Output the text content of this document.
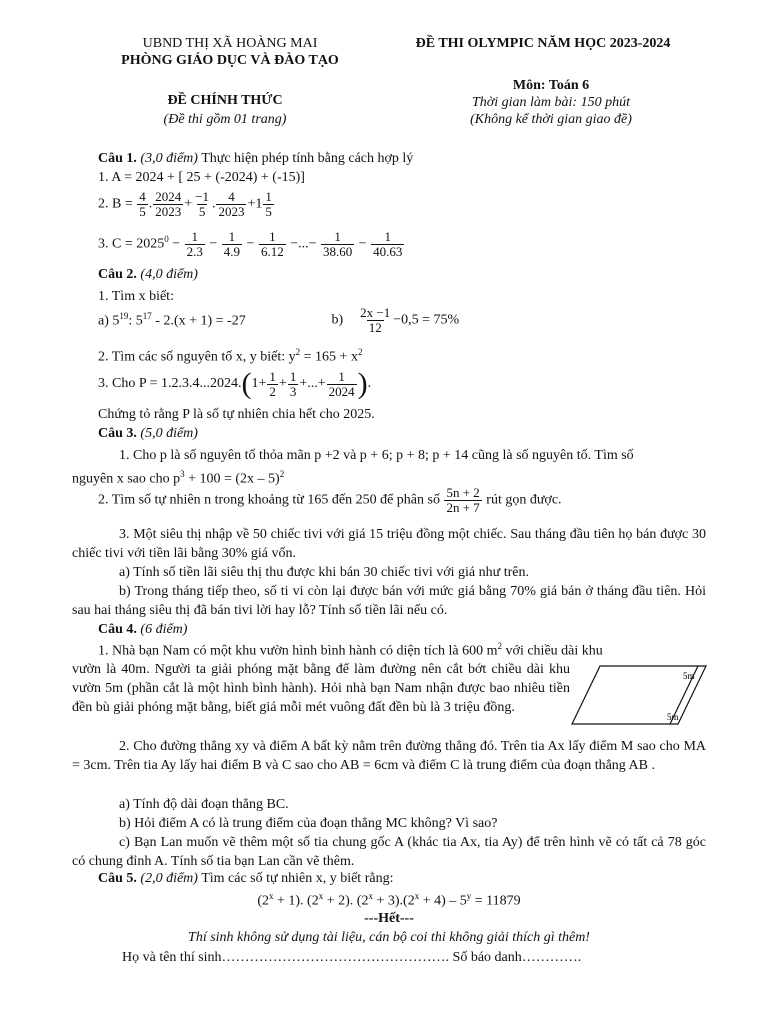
UBND THỊ XÃ HOÀNG MAI
PHÒNG GIÁO DỤC VÀ ĐÀO TẠO
ĐỀ CHÍNH THỨC
(Đề thi gồm 01 trang)
ĐỀ THI OLYMPIC NĂM HỌC 2023-2024
Môn: Toán 6
Thời gian làm bài: 150 phút
(Không kể thời gian giao đề)
Câu 1. (3,0 điểm) Thực hiện phép tính bằng cách hợp lý
1. A = 2024 + [ 25 + (-2024) + (-15)]
2. $B = \frac{4}{5}$ . $\frac{2024}{2023} + \frac{-1}{5}$ . $\frac{4}{2023} +1 \frac{1}{5}$
3. $C = 2025^0 - \frac{1}{2.3} - \frac{1}{4.9} - \frac{1}{6.12}$ −...− $\frac{1}{38.60} - \frac{1}{40.63}$
Câu 2. (4,0 điểm)
1. Tìm x biết:
a) $5^{19}$: $5^{17} - 2.(x + 1) = -27$	$b) \frac{2x -1}{12} -0,5 = 75\%$
2. Tìm các số nguyên tố x, y biết: $y^2 = 165 + x^2$
3. Cho $P = 1.2.3.4...2024.(1+ \frac{1}{2} + \frac{1}{3}$ +...+ $\frac{1}{2024}$ ).
Chứng tỏ rằng P là số tự nhiên chia hết cho 2025.
Câu 3. (5,0 điểm)
1. Cho p là số nguyên tố thỏa mãn p +2 và p + 6; p + 8; p + 14 cũng là số nguyên tố. Tìm số
nguyên x sao cho $p^3 + 100 = (2x - 5)^2$
2. Tìm số tự nhiên n trong khoảng từ 165 đến 250 để phân số $\frac{5n + 2}{2n + 7}$ rút gọn được.
3. Một siêu thị nhập về 50 chiếc tivi với giá 15 triệu đồng một chiếc. Sau tháng đầu tiên họ bán được 30 chiếc tivi với tiền lãi bằng 30% giá vốn.
a) Tính số tiền lãi siêu thị thu được khi bán 30 chiếc tivi với giá như trên.
b) Trong tháng tiếp theo, số ti vi còn lại được bán với mức giá bằng 70% giá bán ở tháng đầu tiên. Hỏi sau hai tháng siêu thị đã bán tivi lời hay lỗ? Tính số tiền lãi nếu có.
Câu 4. (6 điểm)
1. Nhà bạn Nam có một khu vườn hình bình hành có diện tích là 600 $m^2$ với chiều dài khu
vườn là 40m. Người ta giải phóng mặt bằng để làm đường nên cắt bớt chiều dài khu vườn 5m (phần cắt là một hình bình hành). Hỏi nhà bạn Nam nhận được bao nhiêu tiền đền bù giải phóng mặt bằng, biết giá mỗi mét vuông đất đền bù là 3 triệu đồng.
5m
5m
2. Cho đường thẳng xy và điểm A bất kỳ nằm trên đường thẳng đó. Trên tia Ax lấy điểm M sao cho MA = 3cm. Trên tia Ay lấy hai điểm B và C sao cho AB = 6cm và điểm C là trung điểm của đoạn thẳng AB .
a) Tính độ dài đoạn thẳng BC.
b) Hỏi điểm A có là trung điểm của đoạn thẳng MC không? Vì sao?
c) Bạn Lan muốn vẽ thêm một số tia chung gốc A (khác tia Ax, tia Ay) để trên hình vẽ có tất cả 78 góc có chung đỉnh A. Tính số tia bạn Lan cần vẽ thêm.
Câu 5. (2,0 điểm) Tìm các số tự nhiên x, y biết rằng:
$(2^x + 1)$. $(2^x + 2)$. $(2^x + 3).(2^x + 4) - 5^y = 11879$
---Hết---
Thí sinh không sử dụng tài liệu, cán bộ coi thi không giải thích gì thêm!
Họ và tên thí sinh…………………………………………. Số báo danh………….
